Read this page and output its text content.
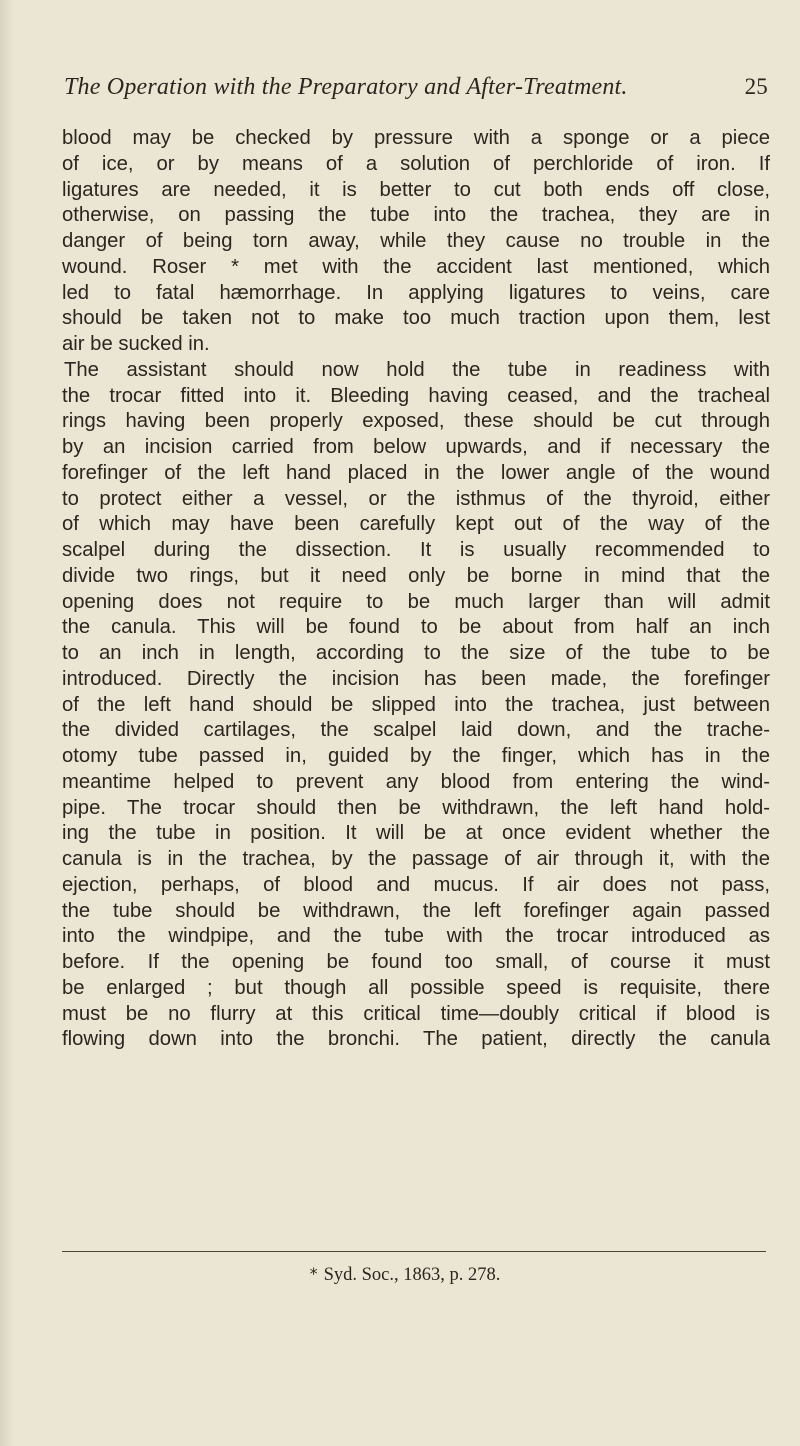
The Operation with the Preparatory and After-Treatment.	25
blood may be checked by pressure with a sponge or a piece
of ice, or by means of a solution of perchloride of iron. If
ligatures are needed, it is better to cut both ends off close,
otherwise, on passing the tube into the trachea, they are in
danger of being torn away, while they cause no trouble in the
wound. Roser * met with the accident last mentioned, which
led to fatal hæmorrhage. In applying ligatures to veins, care
should be taken not to make too much traction upon them, lest
air be sucked in.
The assistant should now hold the tube in readiness with
the trocar fitted into it. Bleeding having ceased, and the tracheal
rings having been properly exposed, these should be cut through
by an incision carried from below upwards, and if necessary the
forefinger of the left hand placed in the lower angle of the wound
to protect either a vessel, or the isthmus of the thyroid, either
of which may have been carefully kept out of the way of the
scalpel during the dissection. It is usually recommended to
divide two rings, but it need only be borne in mind that the
opening does not require to be much larger than will admit
the canula. This will be found to be about from half an inch
to an inch in length, according to the size of the tube to be
introduced. Directly the incision has been made, the forefinger
of the left hand should be slipped into the trachea, just between
the divided cartilages, the scalpel laid down, and the trache-
otomy tube passed in, guided by the finger, which has in the
meantime helped to prevent any blood from entering the wind-
pipe. The trocar should then be withdrawn, the left hand hold-
ing the tube in position. It will be at once evident whether the
canula is in the trachea, by the passage of air through it, with the
ejection, perhaps, of blood and mucus. If air does not pass,
the tube should be withdrawn, the left forefinger again passed
into the windpipe, and the tube with the trocar introduced as
before. If the opening be found too small, of course it must
be enlarged ; but though all possible speed is requisite, there
must be no flurry at this critical time—doubly critical if blood is
flowing down into the bronchi. The patient, directly the canula
* Syd. Soc., 1863, p. 278.
